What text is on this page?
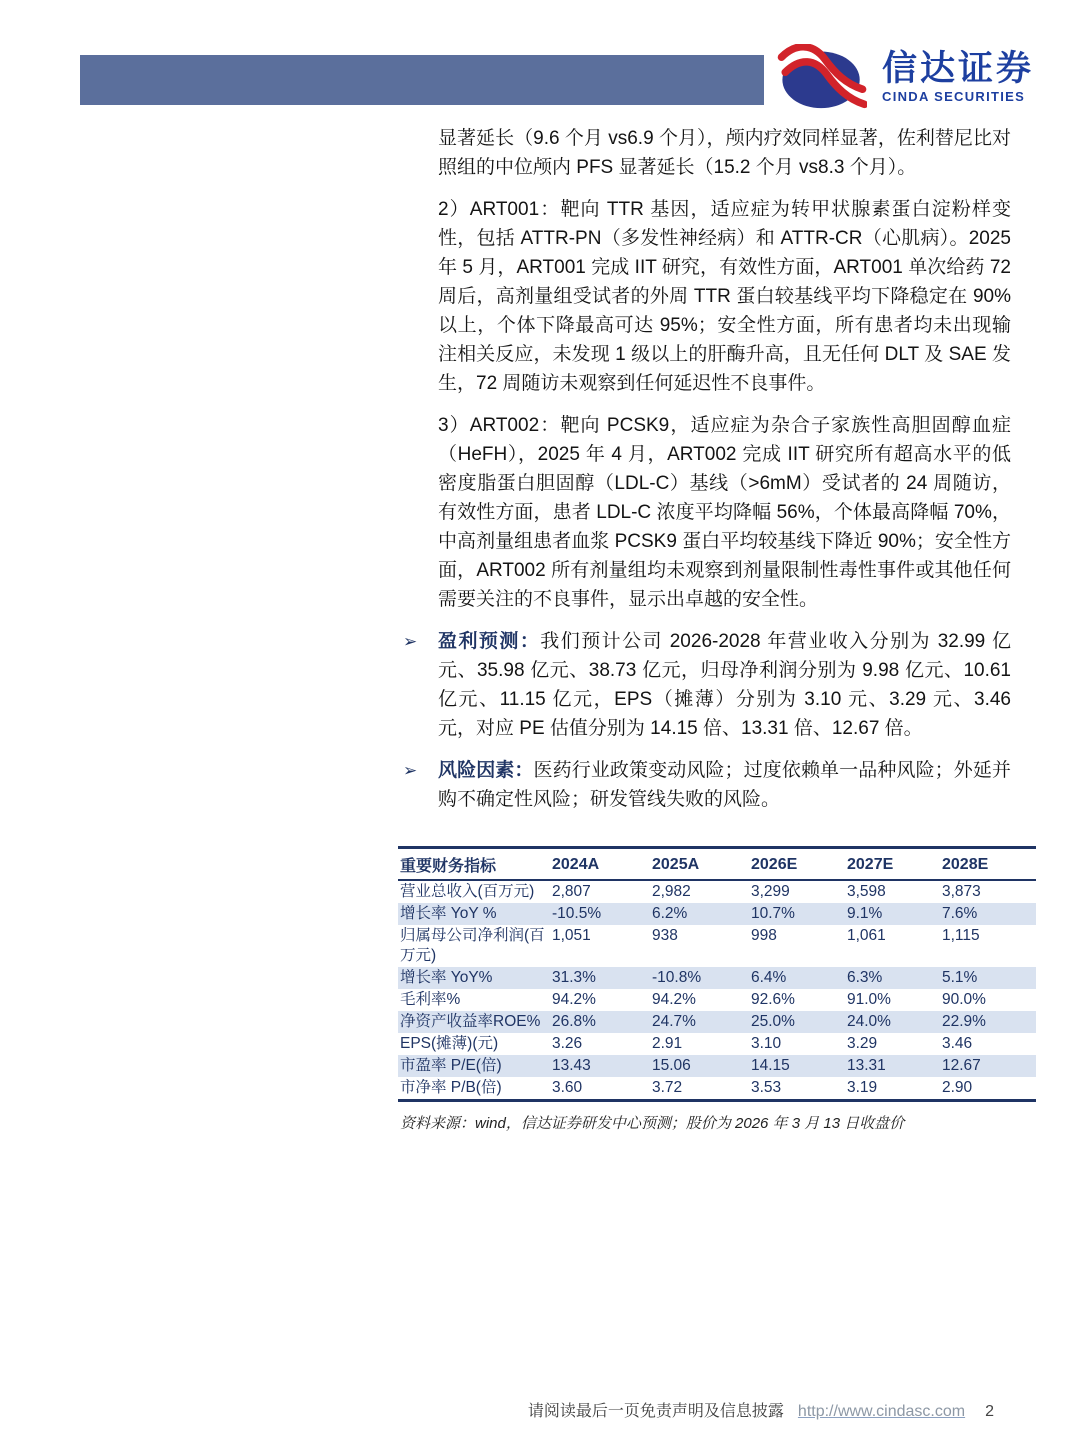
信达证券
CINDA SECURITIES

显著延长（9.6 个月 vs6.9 个月），颅内疗效同样显著，佐利替尼比对照组的中位颅内 PFS 显著延长（15.2 个月 vs8.3 个月）。

2）ART001：靶向 TTR 基因，适应症为转甲状腺素蛋白淀粉样变性，包括 ATTR-PN（多发性神经病）和 ATTR-CR（心肌病）。2025 年 5 月，ART001 完成 IIT 研究，有效性方面，ART001 单次给药 72 周后，高剂量组受试者的外周 TTR 蛋白较基线平均下降稳定在 90%以上，个体下降最高可达 95%；安全性方面，所有患者均未出现输注相关反应，未发现 1 级以上的肝酶升高，且无任何 DLT 及 SAE 发生，72 周随访未观察到任何延迟性不良事件。

3）ART002：靶向 PCSK9，适应症为杂合子家族性高胆固醇血症（HeFH），2025 年 4 月，ART002 完成 IIT 研究所有超高水平的低密度脂蛋白胆固醇（LDL-C）基线（>6mM）受试者的 24 周随访，有效性方面，患者 LDL-C 浓度平均降幅 56%，个体最高降幅 70%，中高剂量组患者血浆 PCSK9 蛋白平均较基线下降近 90%；安全性方面，ART002 所有剂量组均未观察到剂量限制性毒性事件或其他任何需要关注的不良事件，显示出卓越的安全性。

➢	盈利预测：我们预计公司 2026-2028 年营业收入分别为 32.99 亿元、35.98 亿元、38.73 亿元，归母净利润分别为 9.98 亿元、10.61 亿元、11.15 亿元，EPS（摊薄）分别为 3.10 元、3.29 元、3.46 元，对应 PE 估值分别为 14.15 倍、13.31 倍、12.67 倍。

➢	风险因素：医药行业政策变动风险；过度依赖单一品种风险；外延并购不确定性风险；研发管线失败的风险。

重要财务指标	2024A	2025A	2026E	2027E	2028E
营业总收入(百万元)	2,807	2,982	3,299	3,598	3,873
增长率 YoY %	-10.5%	6.2%	10.7%	9.1%	7.6%
归属母公司净利润(百万元)	1,051	938	998	1,061	1,115
增长率 YoY%	31.3%	-10.8%	6.4%	6.3%	5.1%
毛利率%	94.2%	94.2%	92.6%	91.0%	90.0%
净资产收益率ROE%	26.8%	24.7%	25.0%	24.0%	22.9%
EPS(摊薄)(元)	3.26	2.91	3.10	3.29	3.46
市盈率 P/E(倍)	13.43	15.06	14.15	13.31	12.67
市净率 P/B(倍)	3.60	3.72	3.53	3.19	2.90

资料来源：wind，信达证券研发中心预测；股价为 2026 年 3 月 13 日收盘价

请阅读最后一页免责声明及信息披露 http://www.cindasc.com	2
